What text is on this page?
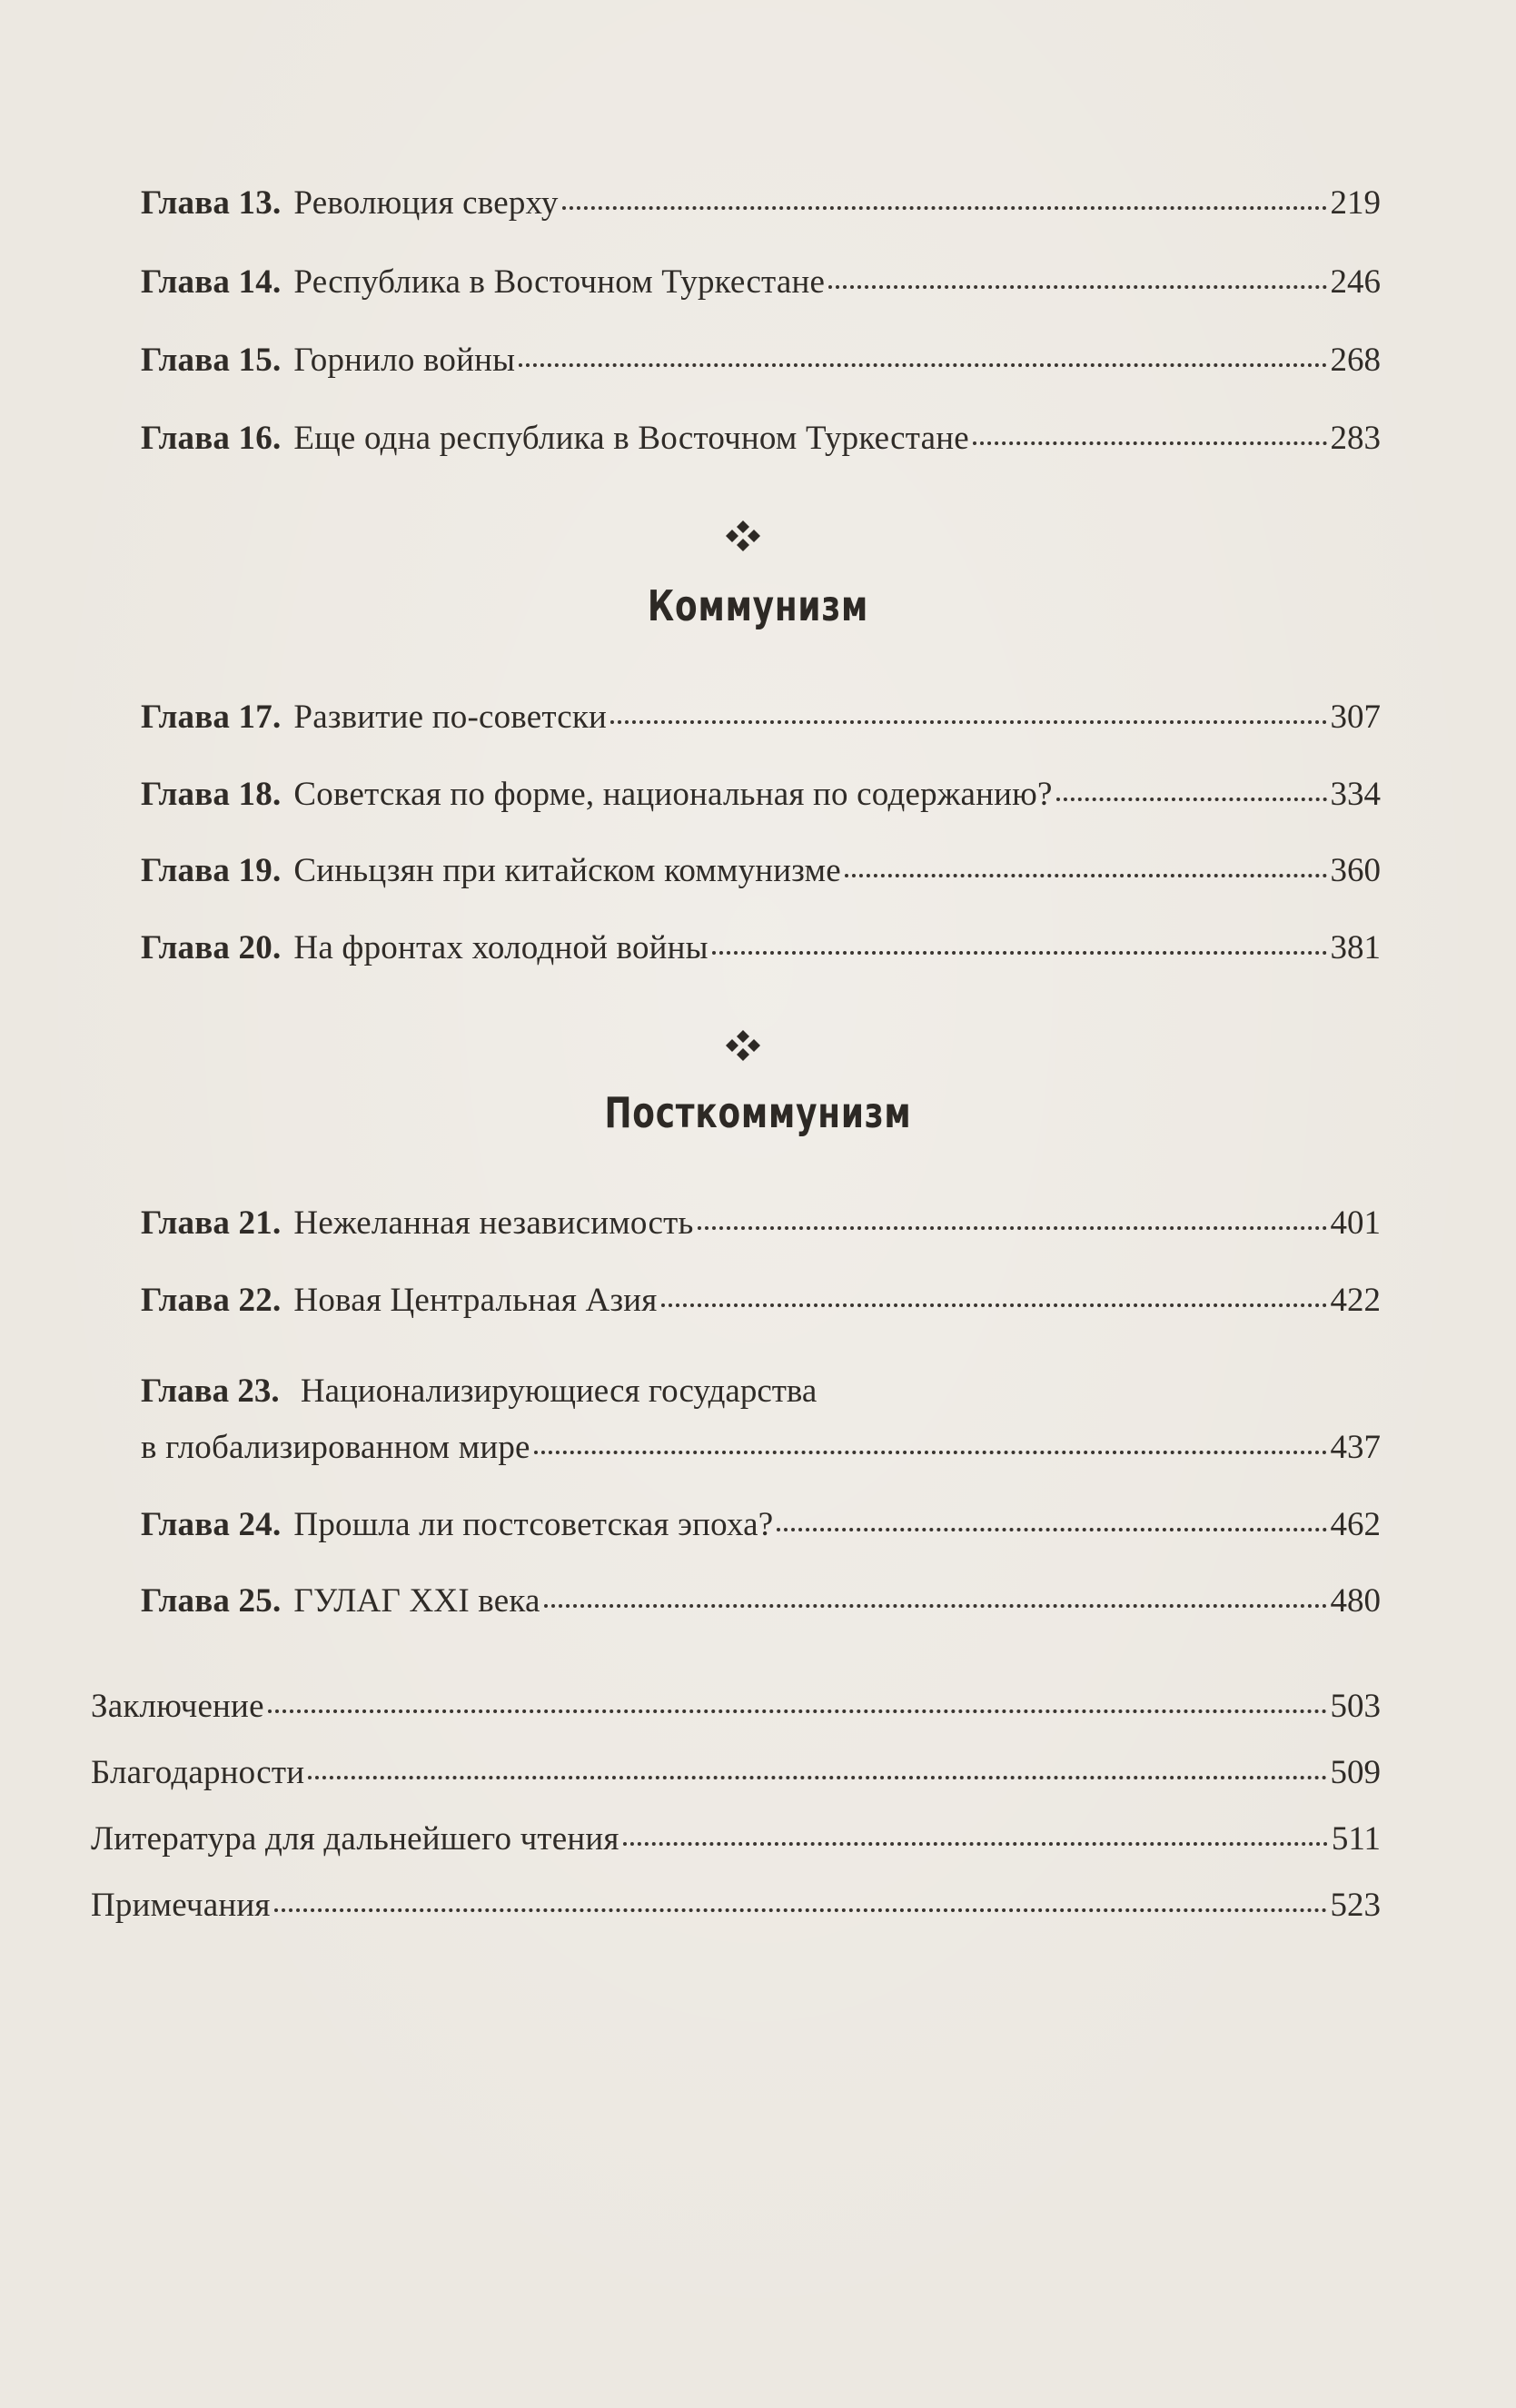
Глава 13. Революция сверху	219
Глава 14. Республика в Восточном Туркестане	246
Глава 15. Горнило войны	268
Глава 16. Еще одна республика в Восточном Туркестане	283
Коммунизм
Глава 17. Развитие по-советски	307
Глава 18. Советская по форме, национальная по содержанию?	334
Глава 19. Синьцзян при китайском коммунизме	360
Глава 20. На фронтах холодной войны	381
Посткоммунизм
Глава 21. Нежеланная независимость	401
Глава 22. Новая Центральная Азия	422
Глава 23. Национализирующиеся государства
в глобализированном мире	437
Глава 24. Прошла ли постсоветская эпоха?	462
Глава 25. ГУЛАГ XXI века	480
Заключение	503
Благодарности	509
Литература для дальнейшего чтения	511
Примечания	523
